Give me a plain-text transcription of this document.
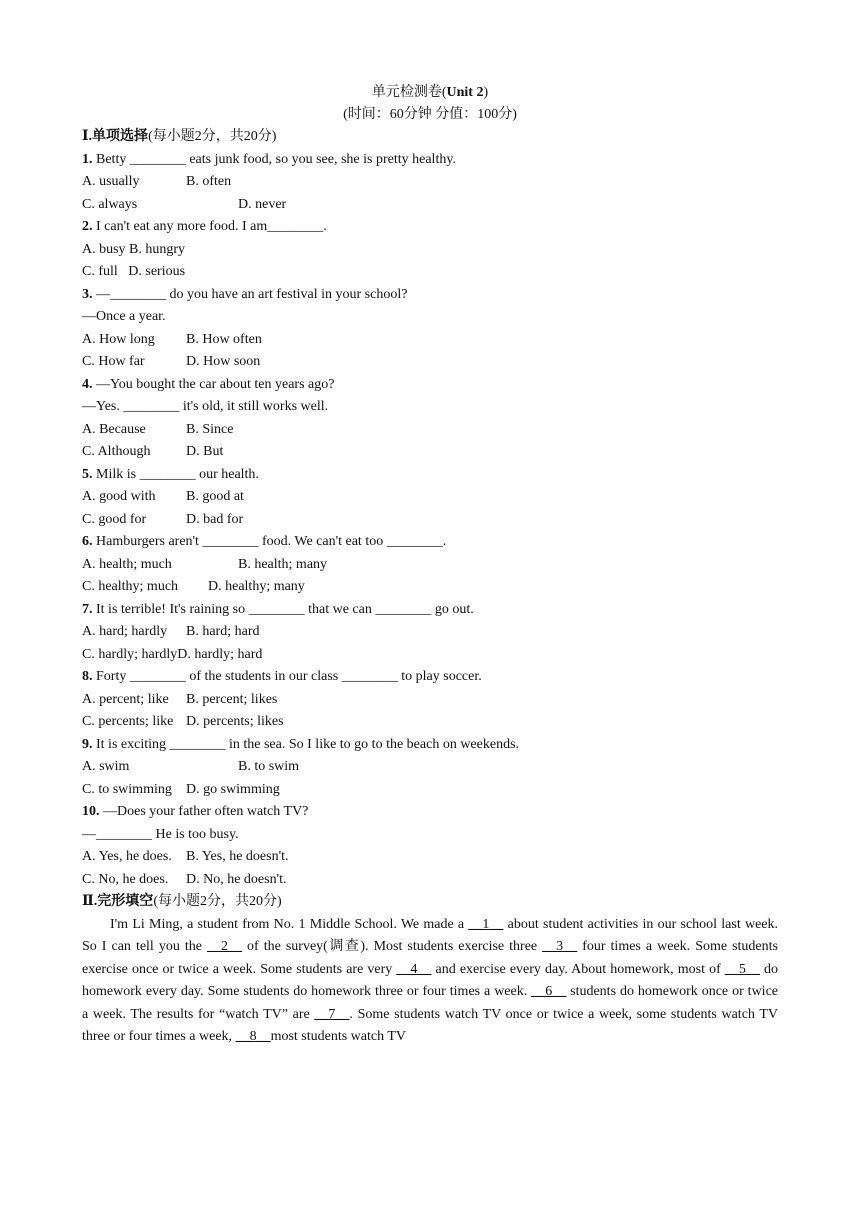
单元检测卷(Unit 2)
(时间：60分钟 分值：100分)
Ⅰ.单项选择(每小题2分，共20分)
1. Betty ________ eats junk food, so you see, she is pretty healthy.
A. usually	B. often
C. always	D. never
2. I can't eat any more food. I am________.
A. busy B. hungry
C. full   D. serious
3. —________ do you have an art festival in your school?
—Once a year.
A. How long B. How often
C. How far	D. How soon
4. —You bought the car about ten years ago?
—Yes. ________ it's old, it still works well.
A. Because	B. Since
C. Although	D. But
5. Milk is ________ our health.
A. good with B. good at
C. good for	D. bad for
6. Hamburgers aren't ________ food. We can't eat too ________.
A. health; much	B. health; many
C. healthy; much D. healthy; many
7. It is terrible! It's raining so ________ that we can ________ go out.
A. hard; hardly B. hard; hard
C. hardly; hardlyD. hardly; hard
8. Forty ________ of the students in our class ________ to play soccer.
A. percent; like B. percent; likes
C. percents; like D. percents; likes
9. It is exciting ________ in the sea. So I like to go to the beach on weekends.
A. swim	B. to swim
C. to swimming D. go swimming
10. —Does your father often watch TV?
—________ He is too busy.
A. Yes, he does. B. Yes, he doesn't.
C. No, he does. D. No, he doesn't.
Ⅱ.完形填空(每小题2分，共20分)

I'm Li Ming, a student from No. 1 Middle School. We made a __1__ about student activities in our school last week. So I can tell you the __2__ of the survey(调查). Most students exercise three __3__ four times a week. Some students exercise once or twice a week. Some students are very __4__ and exercise every day. About homework, most of __5__ do homework every day. Some students do homework three or four times a week. __6__ students do homework once or twice a week. The results for “watch TV” are __7__. Some students watch TV once or twice a week, some students watch TV three or four times a week, __8__most students watch TV
